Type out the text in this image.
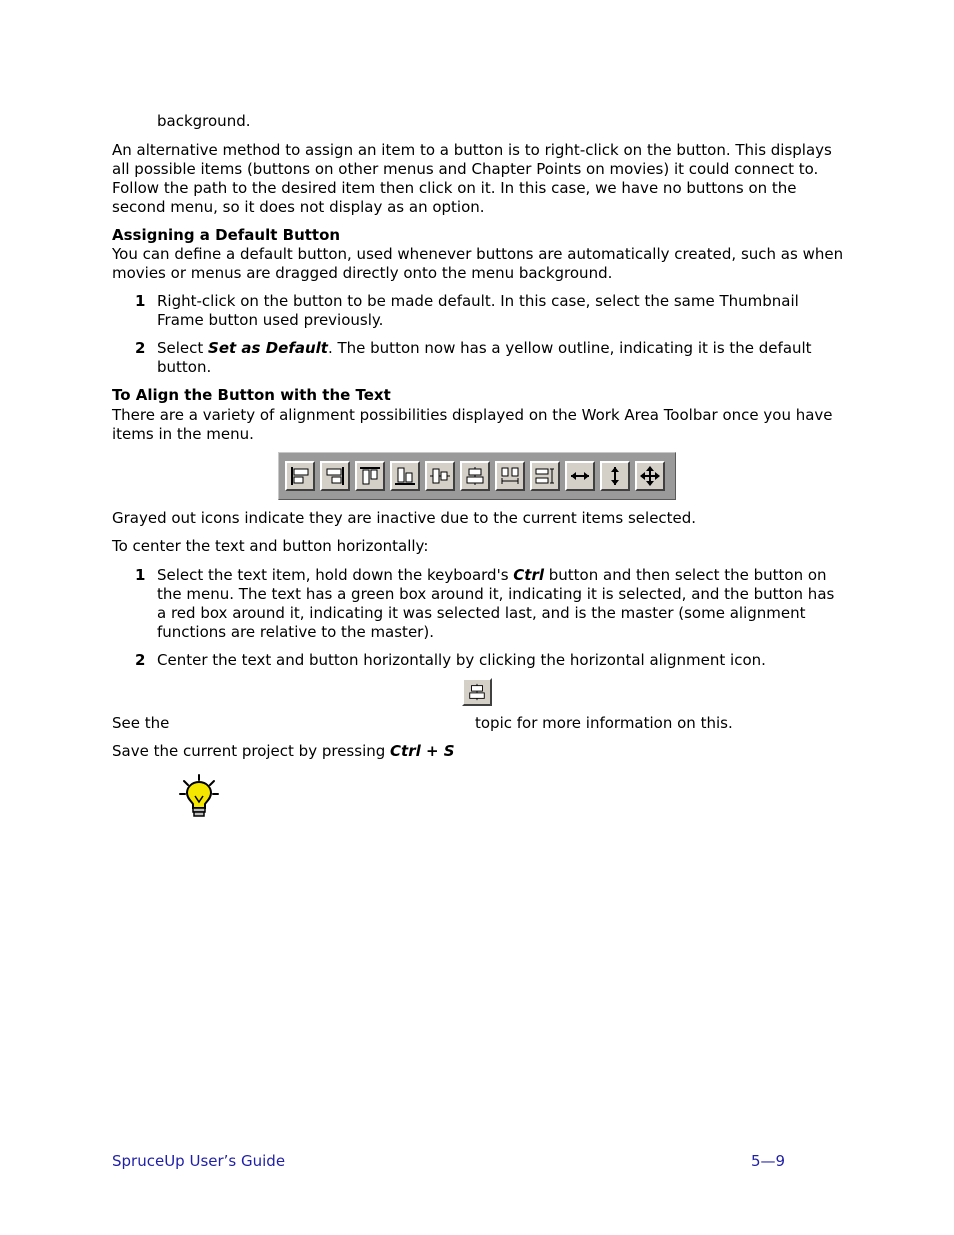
background.
An alternative method to assign an item to a button is to right-click on the button. This displays all possible items (buttons on other menus and Chapter Points on movies) it could connect to. Follow the path to the desired item then click on it. In this case, we have no buttons on the second menu, so it does not display as an option.
Assigning a Default Button
You can define a default button, used whenever buttons are automatically created, such as when movies or menus are dragged directly onto the menu background.
1 Right-click on the button to be made default. In this case, select the same Thumbnail Frame button used previously.
2 Select Set as Default. The button now has a yellow outline, indicating it is the default button.
To Align the Button with the Text
There are a variety of alignment possibilities displayed on the Work Area Toolbar once you have items in the menu.
Grayed out icons indicate they are inactive due to the current items selected.
To center the text and button horizontally:
1 Select the text item, hold down the keyboard's Ctrl button and then select the button on the menu. The text has a green box around it, indicating it is selected, and the button has a red box around it, indicating it was selected last, and is the master (some alignment functions are relative to the master).
2 Center the text and button horizontally by clicking the horizontal alignment icon.
See the	topic for more information on this.
Save the current project by pressing Ctrl + S
SpruceUp User’s Guide	5—9
